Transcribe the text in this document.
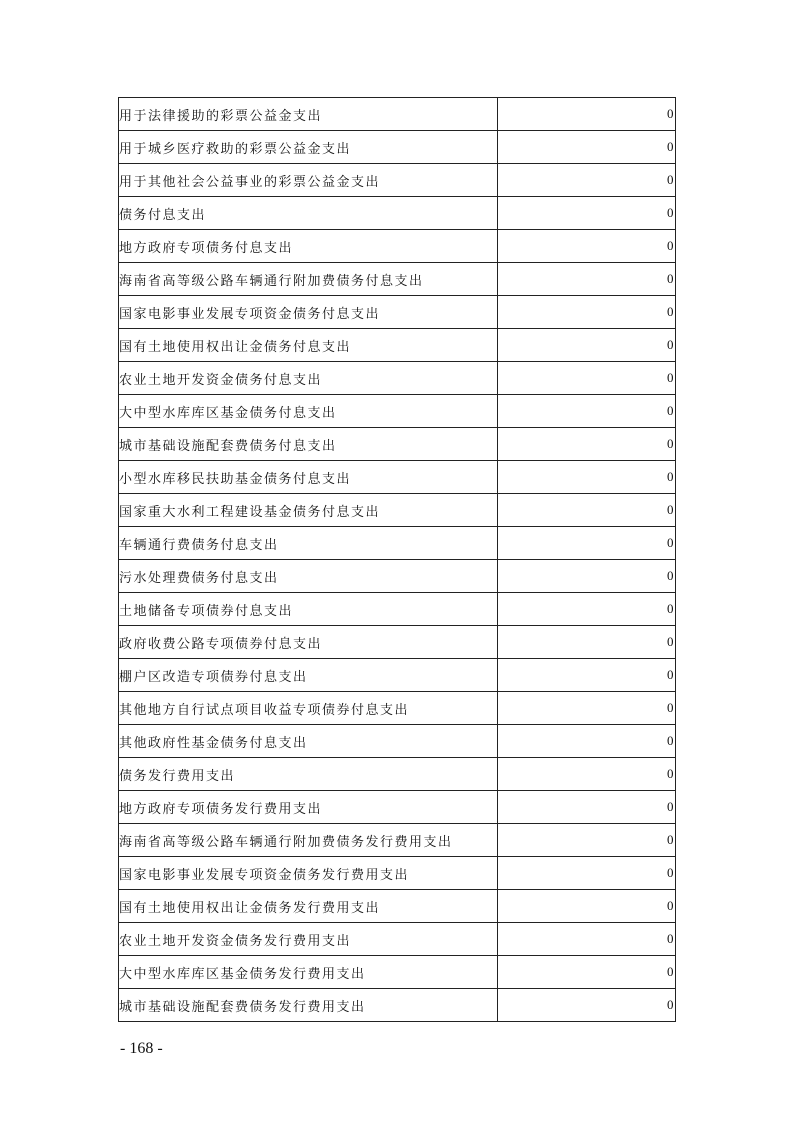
用于法律援助的彩票公益金支出	0
用于城乡医疗救助的彩票公益金支出	0
用于其他社会公益事业的彩票公益金支出	0
债务付息支出	0
地方政府专项债务付息支出	0
海南省高等级公路车辆通行附加费债务付息支出	0
国家电影事业发展专项资金债务付息支出	0
国有土地使用权出让金债务付息支出	0
农业土地开发资金债务付息支出	0
大中型水库库区基金债务付息支出	0
城市基础设施配套费债务付息支出	0
小型水库移民扶助基金债务付息支出	0
国家重大水利工程建设基金债务付息支出	0
车辆通行费债务付息支出	0
污水处理费债务付息支出	0
土地储备专项债券付息支出	0
政府收费公路专项债券付息支出	0
棚户区改造专项债券付息支出	0
其他地方自行试点项目收益专项债券付息支出	0
其他政府性基金债务付息支出	0
债务发行费用支出	0
地方政府专项债务发行费用支出	0
海南省高等级公路车辆通行附加费债务发行费用支出	0
国家电影事业发展专项资金债务发行费用支出	0
国有土地使用权出让金债务发行费用支出	0
农业土地开发资金债务发行费用支出	0
大中型水库库区基金债务发行费用支出	0
城市基础设施配套费债务发行费用支出	0
- 168 -
